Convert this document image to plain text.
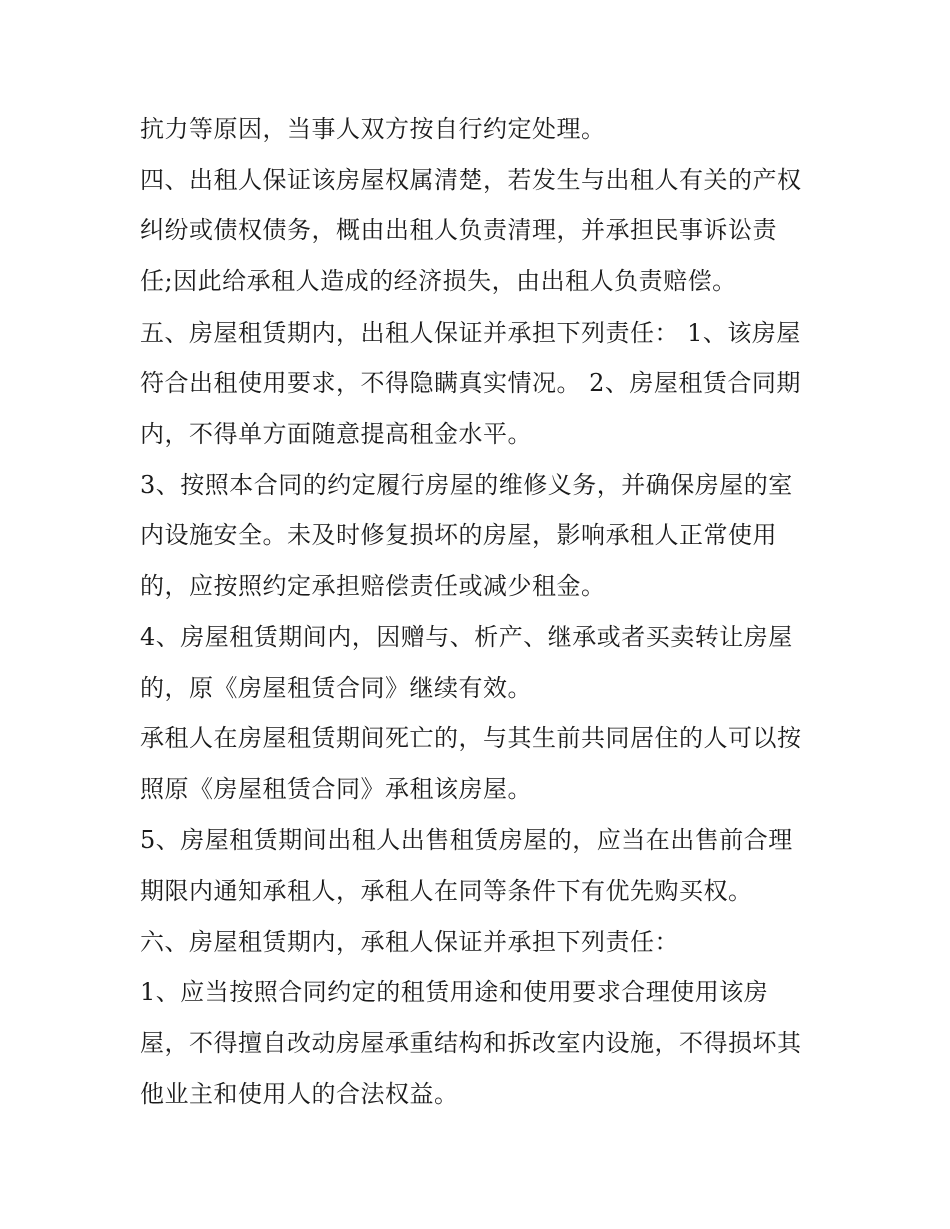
抗力等原因，当事人双方按自行约定处理。
四、出租人保证该房屋权属清楚，若发生与出租人有关的产权
纠纷或债权债务，概由出租人负责清理，并承担民事诉讼责
任;因此给承租人造成的经济损失，由出租人负责赔偿。
五、房屋租赁期内，出租人保证并承担下列责任： 1、该房屋
符合出租使用要求，不得隐瞒真实情况。 2、房屋租赁合同期
内，不得单方面随意提高租金水平。
3、按照本合同的约定履行房屋的维修义务，并确保房屋的室
内设施安全。未及时修复损坏的房屋，影响承租人正常使用
的，应按照约定承担赔偿责任或减少租金。
4、房屋租赁期间内，因赠与、析产、继承或者买卖转让房屋
的，原《房屋租赁合同》继续有效。
承租人在房屋租赁期间死亡的，与其生前共同居住的人可以按
照原《房屋租赁合同》承租该房屋。
5、房屋租赁期间出租人出售租赁房屋的，应当在出售前合理
期限内通知承租人，承租人在同等条件下有优先购买权。
六、房屋租赁期内，承租人保证并承担下列责任：
1、应当按照合同约定的租赁用途和使用要求合理使用该房
屋，不得擅自改动房屋承重结构和拆改室内设施，不得损坏其
他业主和使用人的合法权益。
